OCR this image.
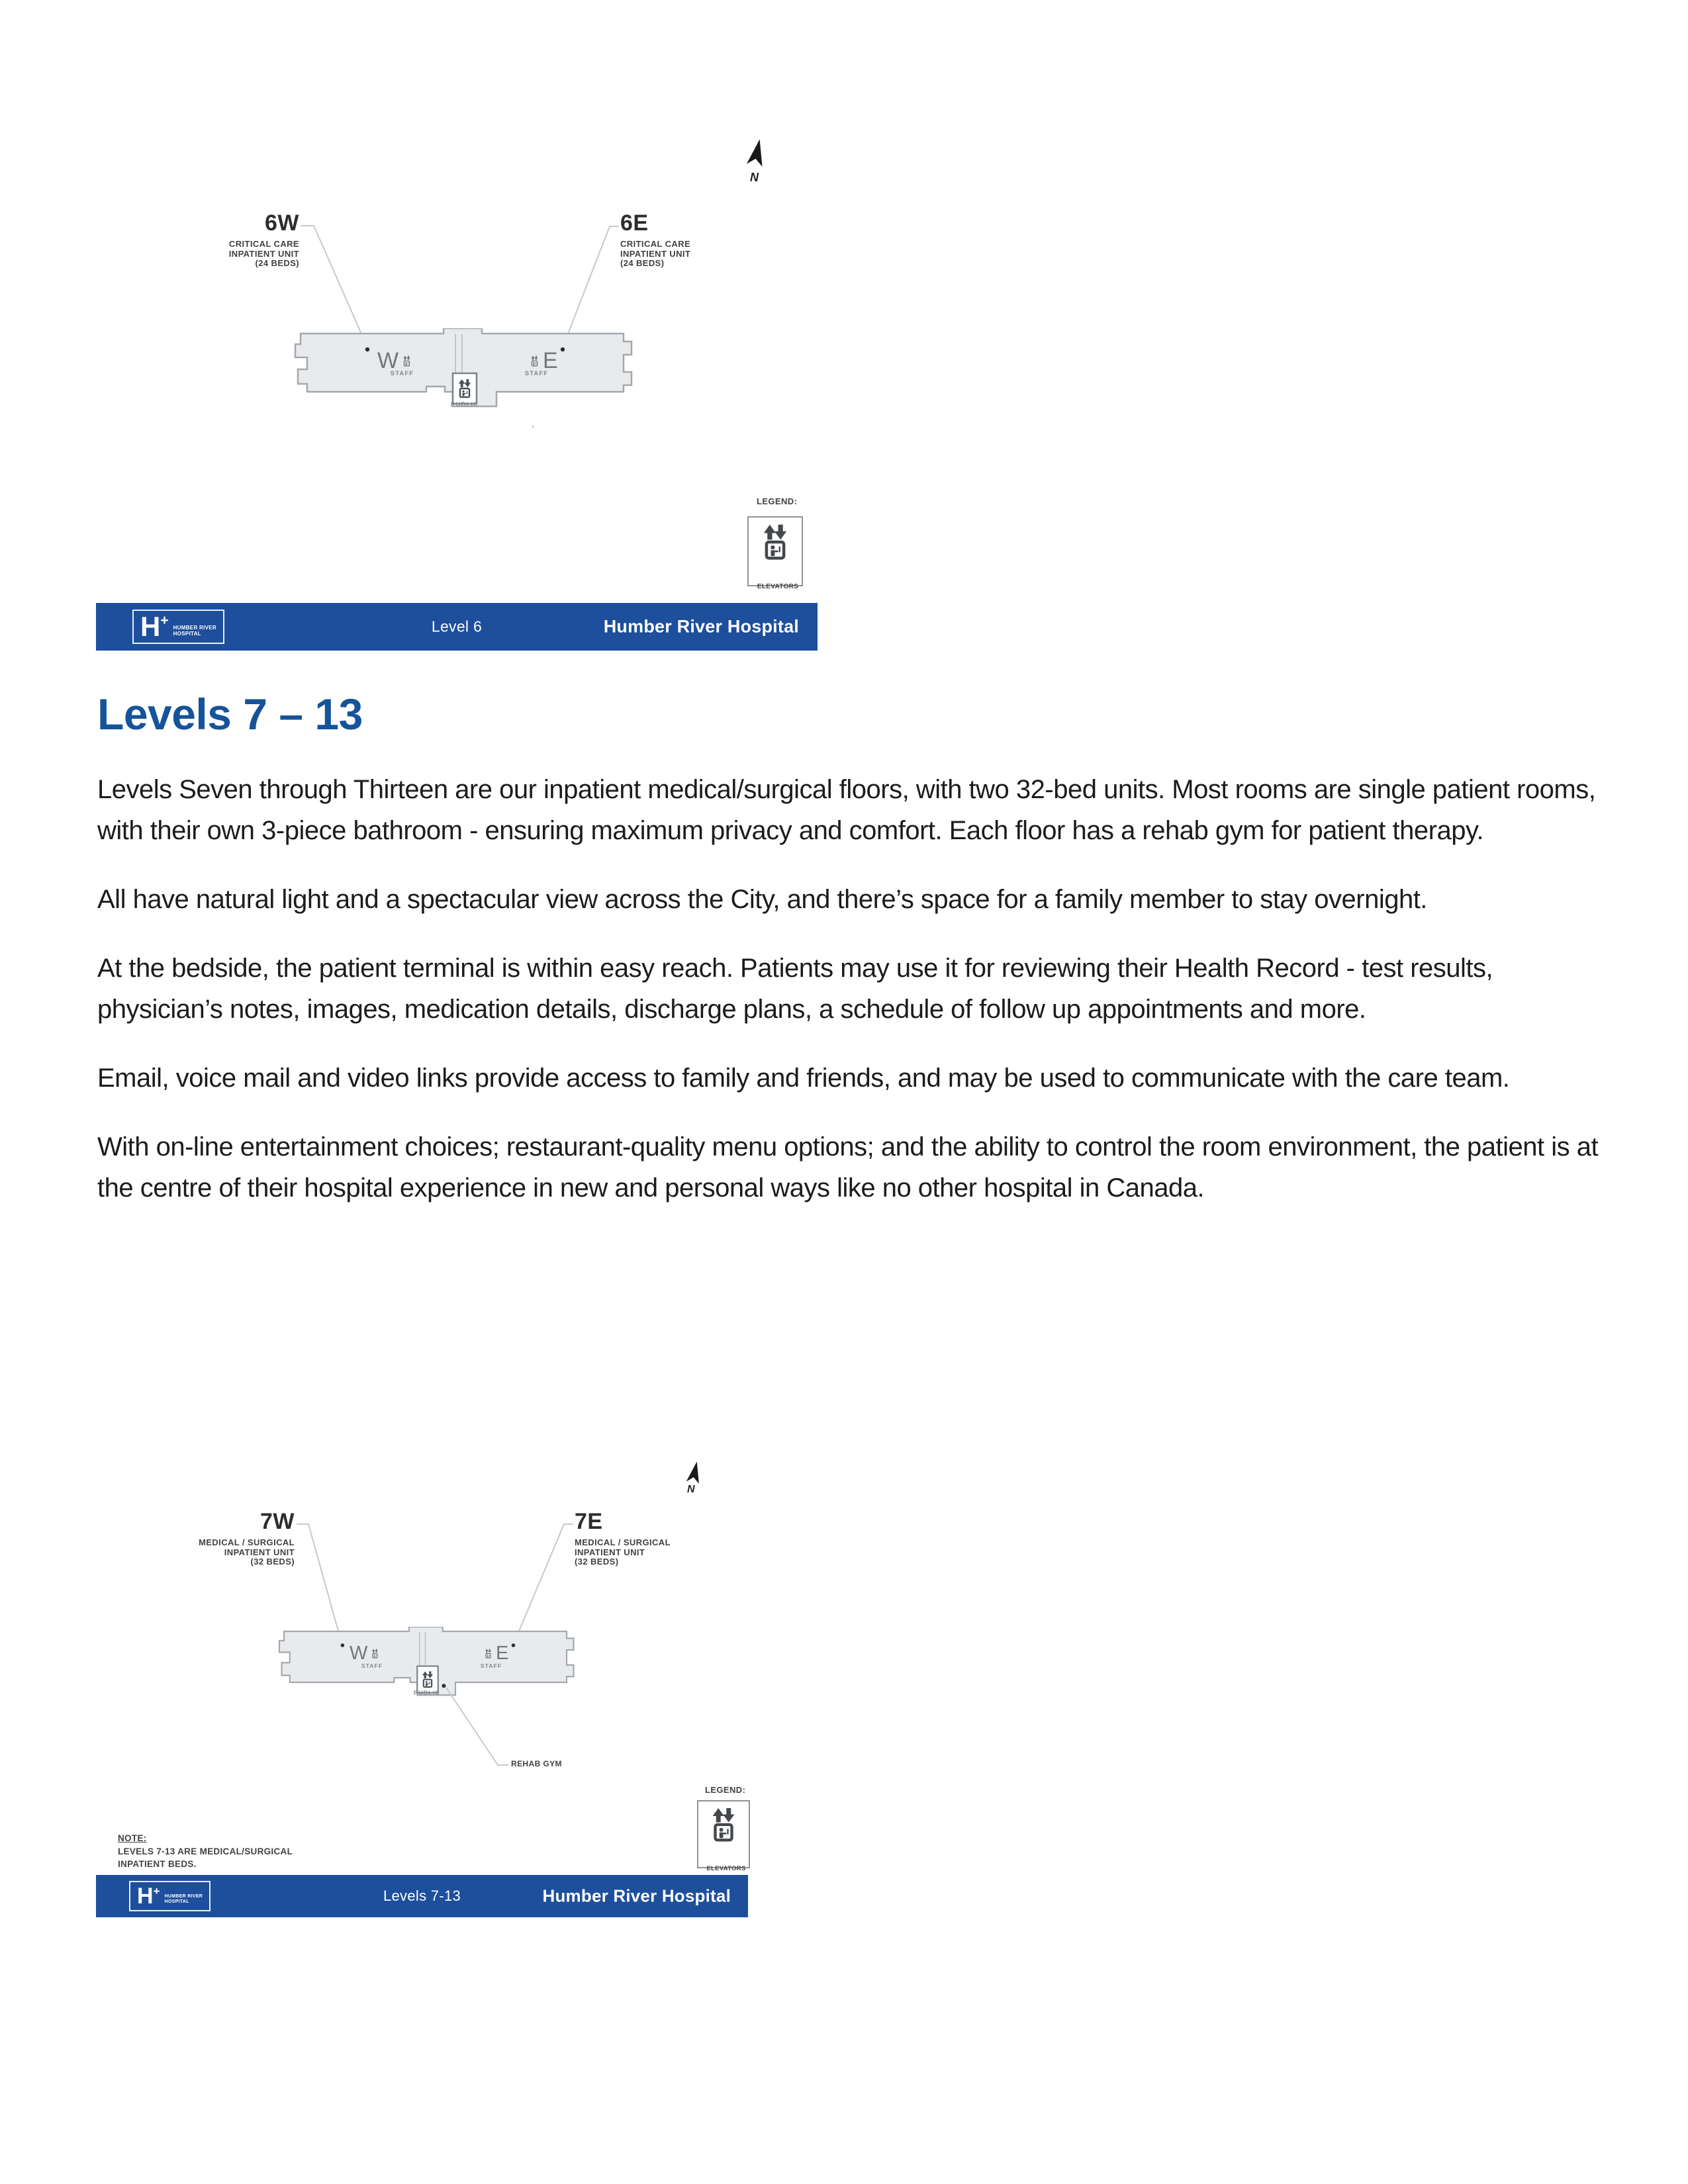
N
6W
CRITICAL CARE
INPATIENT UNIT
(24 BEDS)
6E
CRITICAL CARE
INPATIENT UNIT
(24 BEDS)
W
STAFF
E
STAFF
PUBLIC
’
LEGEND:
ELEVATORS
H + HUMBER RIVER
HOSPITAL	Level 6	Humber River Hospital
Levels 7 – 13

Levels Seven through Thirteen are our inpatient medical/surgical floors, with two 32-bed units. Most rooms are single patient rooms, with their own 3-piece bathroom - ensuring maximum privacy and comfort. Each floor has a rehab gym for patient therapy.

All have natural light and a spectacular view across the City, and there’s space for a family member to stay overnight.

At the bedside, the patient terminal is within easy reach. Patients may use it for reviewing their Health Record - test results, physician’s notes, images, medication details, discharge plans, a schedule of follow up appointments and more.

Email, voice mail and video links provide access to family and friends, and may be used to communicate with the care team.

With on-line entertainment choices; restaurant-quality menu options; and the ability to control the room environment, the patient is at the centre of their hospital experience in new and personal ways like no other hospital in Canada.

N
7W
MEDICAL / SURGICAL
INPATIENT UNIT
(32 BEDS)
7E
MEDICAL / SURGICAL
INPATIENT UNIT
(32 BEDS)
W
STAFF
E
STAFF
PUBLIC
REHAB GYM
LEGEND:
ELEVATORS
NOTE:
LEVELS 7-13 ARE MEDICAL/SURGICAL
INPATIENT BEDS.
H + HUMBER RIVER
HOSPITAL	Levels 7-13	Humber River Hospital
